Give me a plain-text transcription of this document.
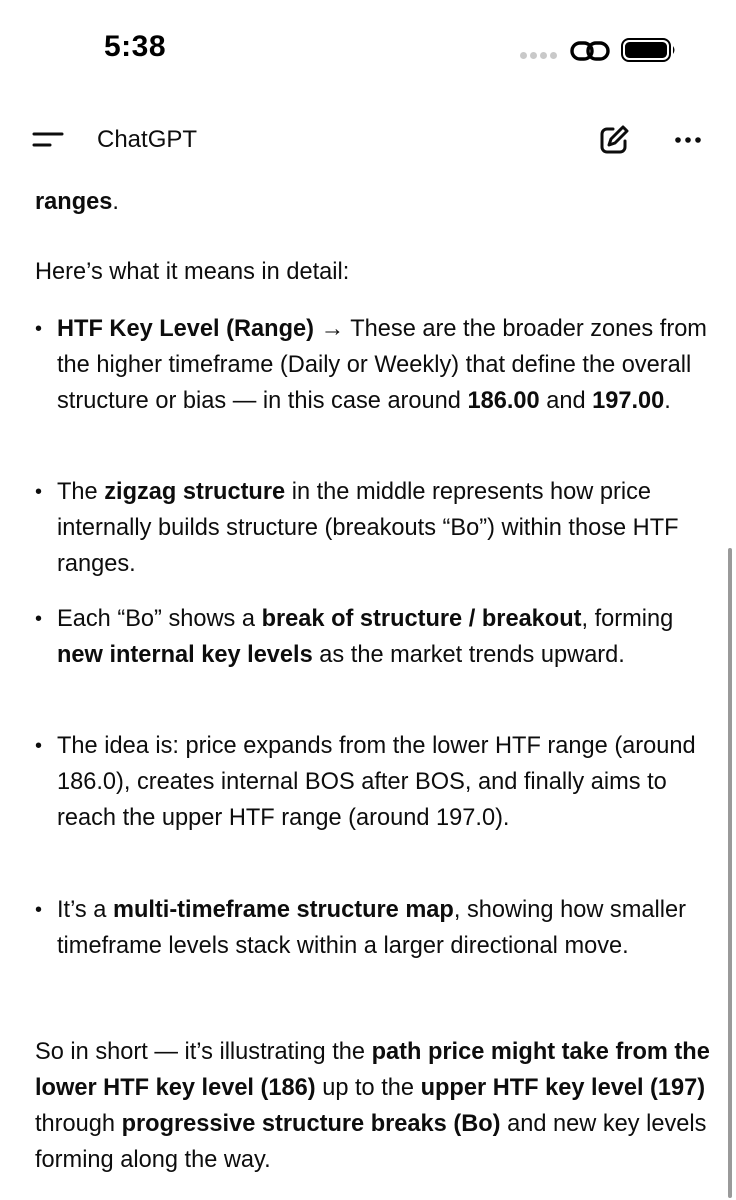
5:38
ChatGPT
ranges.
Here’s what it means in detail:
• HTF Key Level (Range) → These are the broader zones from the higher timeframe (Daily or Weekly) that define the overall structure or bias — in this case around 186.00 and 197.00.
• The zigzag structure in the middle represents how price internally builds structure (breakouts “Bo”) within those HTF ranges.
• Each “Bo” shows a break of structure / breakout, forming new internal key levels as the market trends upward.
• The idea is: price expands from the lower HTF range (around 186.0), creates internal BOS after BOS, and finally aims to reach the upper HTF range (around 197.0).
• It’s a multi-timeframe structure map, showing how smaller timeframe levels stack within a larger directional move.
So in short — it’s illustrating the path price might take from the lower HTF key level (186) up to the upper HTF key level (197) through progressive structure breaks (Bo) and new key levels forming along the way.
